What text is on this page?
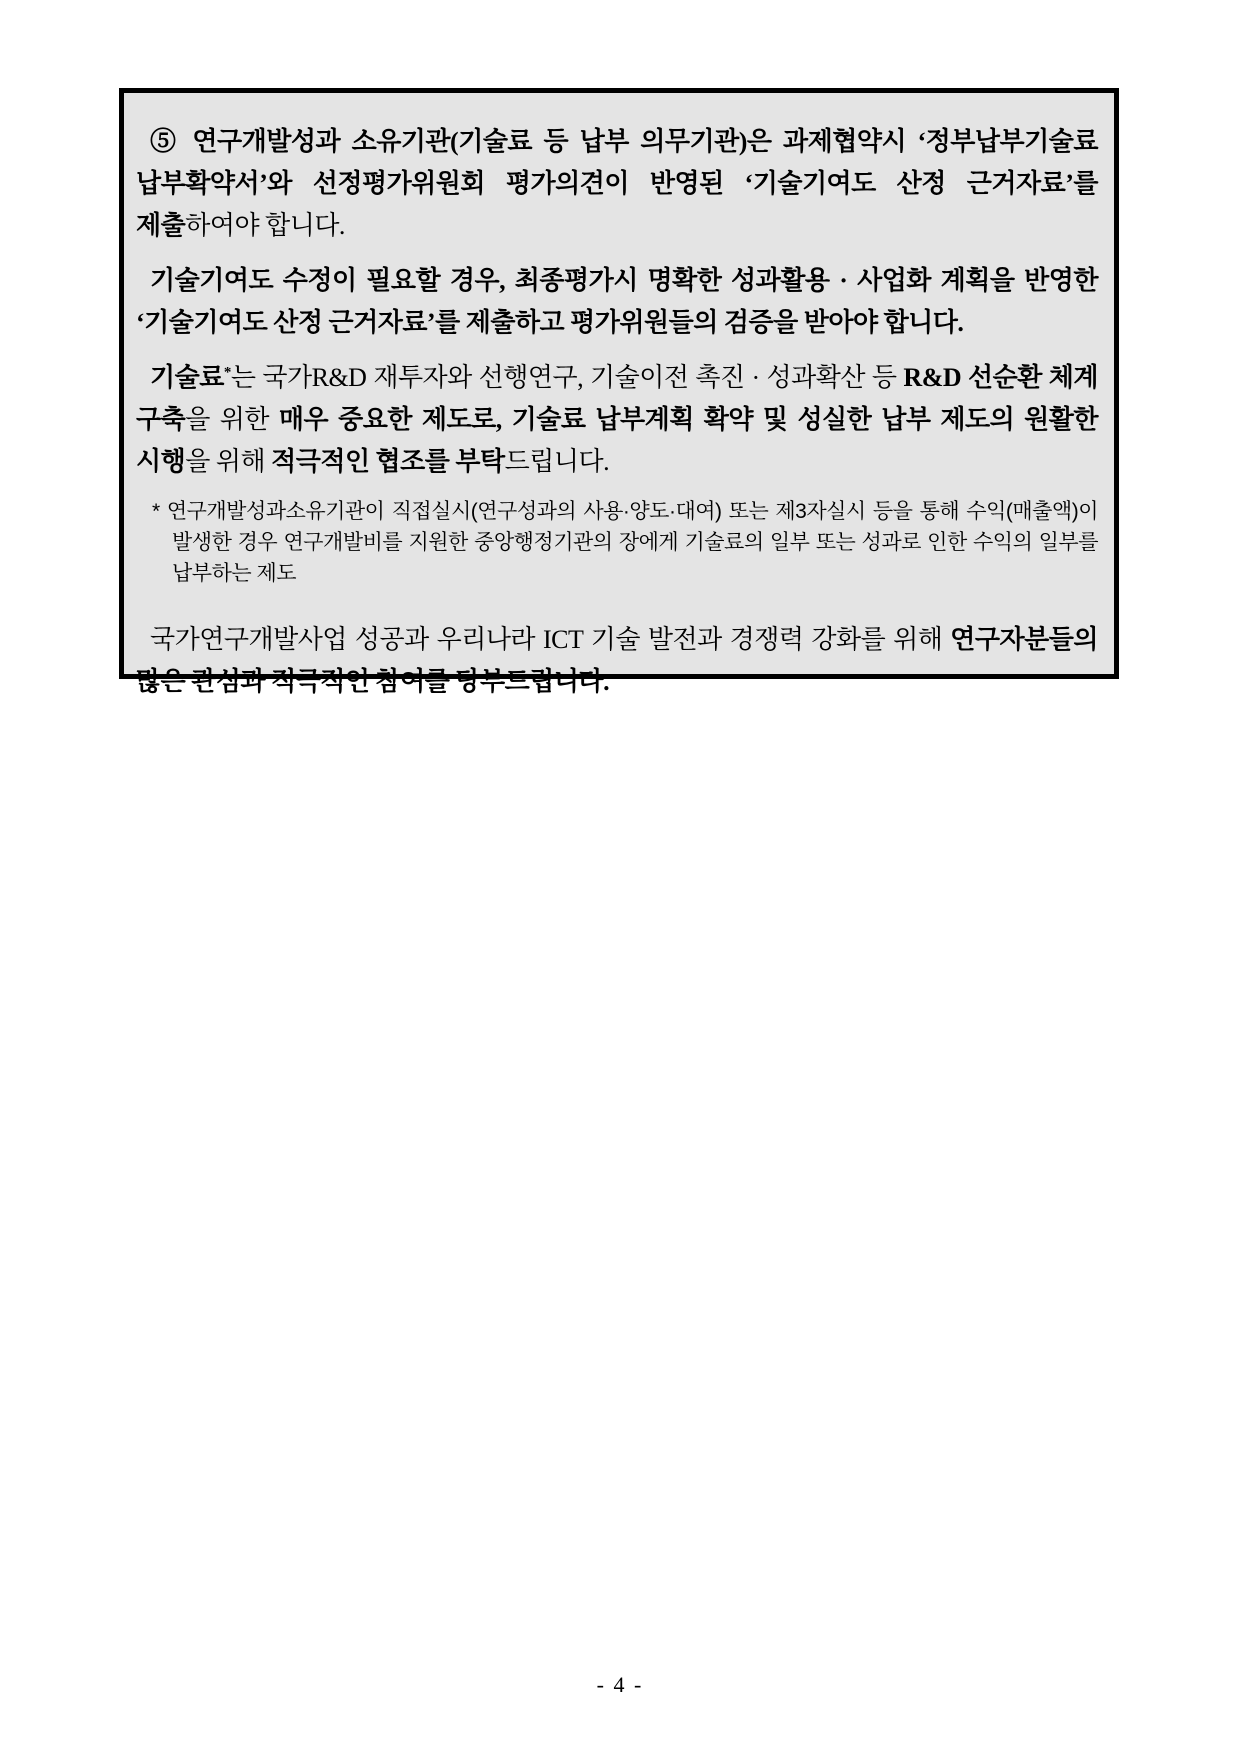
⑤ 연구개발성과 소유기관(기술료 등 납부 의무기관)은 과제협약시 ‘정부납부기술료 납부확약서’와 선정평가위원회 평가의견이 반영된 ‘기술기여도 산정 근거자료’를 제출하여야 합니다.

기술기여도 수정이 필요할 경우, 최종평가시 명확한 성과활용 · 사업화 계획을 반영한 ‘기술기여도 산정 근거자료’를 제출하고 평가위원들의 검증을 받아야 합니다.

기술료*는 국가R&D 재투자와 선행연구, 기술이전 촉진 · 성과확산 등 R&D 선순환 체계 구축을 위한 매우 중요한 제도로, 기술료 납부계획 확약 및 성실한 납부 제도의 원활한 시행을 위해 적극적인 협조를 부탁드립니다.

* 연구개발성과소유기관이 직접실시(연구성과의 사용·양도·대여) 또는 제3자실시 등을 통해 수익(매출액)이 발생한 경우 연구개발비를 지원한 중앙행정기관의 장에게 기술료의 일부 또는 성과로 인한 수익의 일부를 납부하는 제도

국가연구개발사업 성공과 우리나라 ICT 기술 발전과 경쟁력 강화를 위해 연구자분들의 많은 관심과 적극적인 참여를 당부드립니다.

- 4 -
